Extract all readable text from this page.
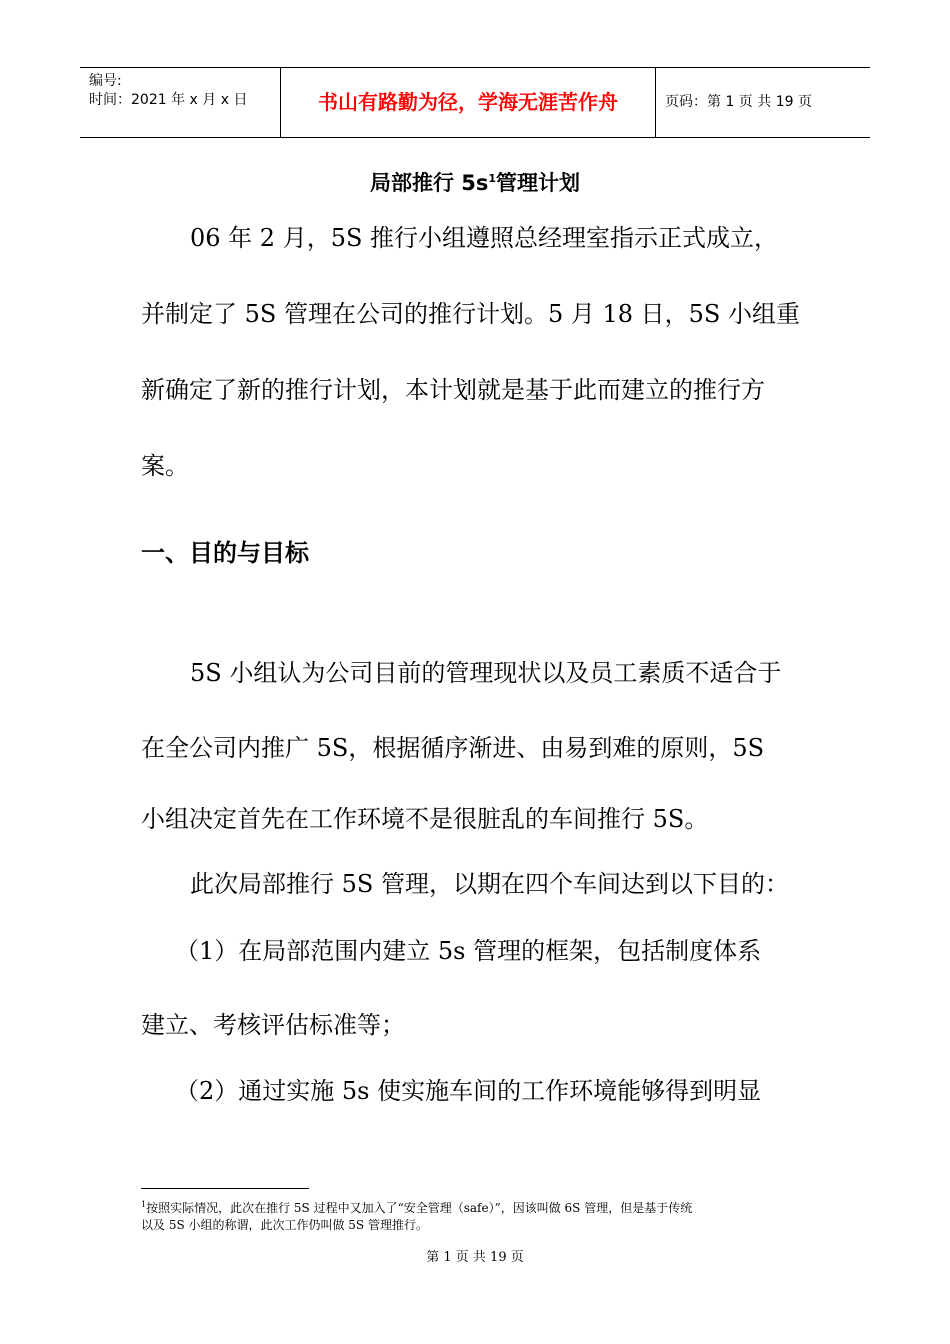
编号:
时间：2021 年 x 月 x 日	书山有路勤为径，学海无涯苦作舟	页码：第 1 页 共 19 页
局部推行 $5s^1$管理计划
06 年 2 月，5S 推行小组遵照总经理室指示正式成立，
并制定了 5S 管理在公司的推行计划。5 月 18 日，5S 小组重
新确定了新的推行计划，本计划就是基于此而建立的推行方
案。
一、目的与目标
5S 小组认为公司目前的管理现状以及员工素质不适合于
在全公司内推广 5S，根据循序渐进、由易到难的原则，5S
小组决定首先在工作环境不是很脏乱的车间推行 5S。
此次局部推行 5S 管理，以期在四个车间达到以下目的：
（1）在局部范围内建立 5s 管理的框架，包括制度体系
建立、考核评估标准等；
（2）通过实施 5s 使实施车间的工作环境能够得到明显
$^1$按照实际情况，此次在推行 5S 过程中又加入了“安全管理（safe）”，因该叫做 6S 管理，但是基于传统
以及 5S 小组的称谓，此次工作仍叫做 5S 管理推行。
第 1 页 共 19 页
